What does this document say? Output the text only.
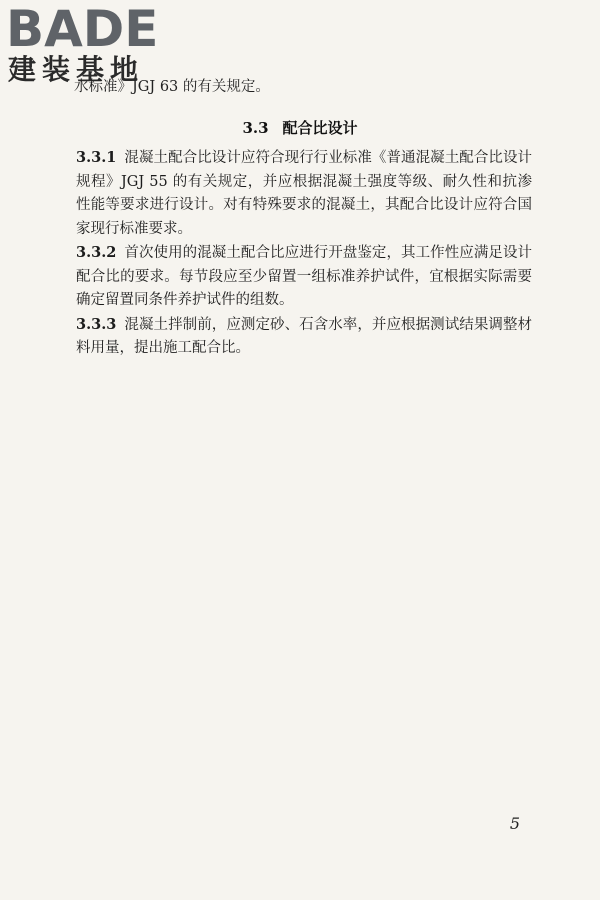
BADE
建装基地
水标准》JGJ 63 的有关规定。
3.3 配合比设计

3.3.1 混凝土配合比设计应符合现行行业标准《普通混凝土配合比设计规程》JGJ 55 的有关规定，并应根据混凝土强度等级、耐久性和抗渗性能等要求进行设计。对有特殊要求的混凝土，其配合比设计应符合国家现行标准要求。

3.3.2 首次使用的混凝土配合比应进行开盘鉴定，其工作性应满足设计配合比的要求。每节段应至少留置一组标准养护试件，宜根据实际需要确定留置同条件养护试件的组数。

3.3.3 混凝土拌制前，应测定砂、石含水率，并应根据测试结果调整材料用量，提出施工配合比。

5
